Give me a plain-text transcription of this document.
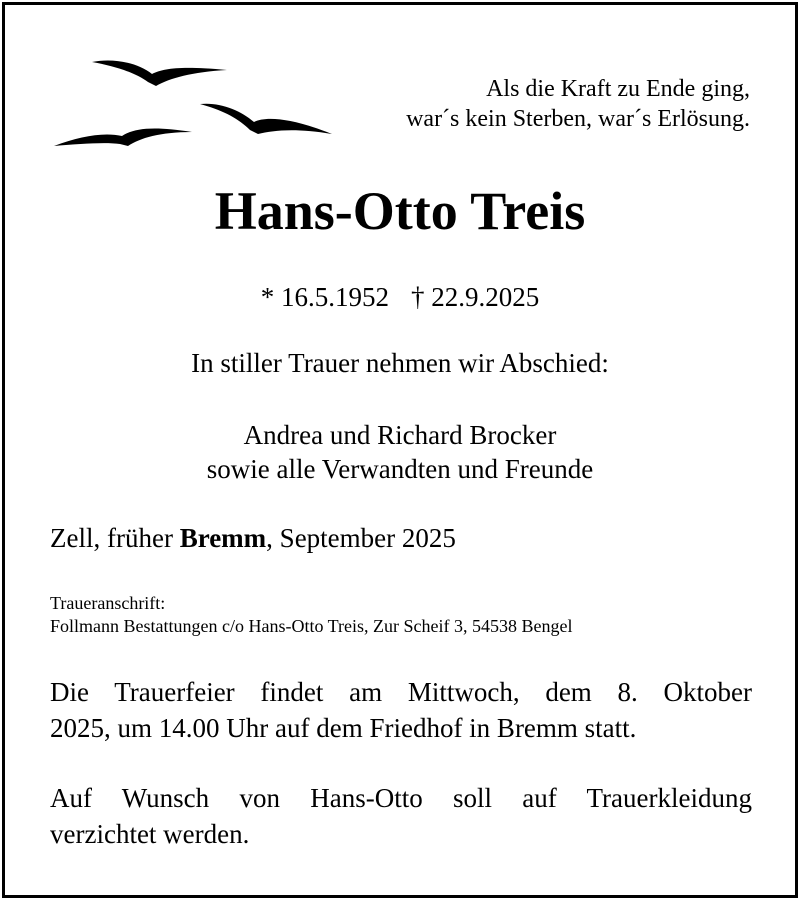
Als die Kraft zu Ende ging,
war´s kein Sterben, war´s Erlösung.
Hans-Otto Treis
* 16.5.1952 † 22.9.2025
In stiller Trauer nehmen wir Abschied:
Andrea und Richard Brocker
sowie alle Verwandten und Freunde
Zell, früher Bremm, September 2025
Traueranschrift:
Follmann Bestattungen c/o Hans-Otto Treis, Zur Scheif 3, 54538 Bengel
Die Trauerfeier findet am Mittwoch, dem 8. Oktober
2025, um 14.00 Uhr auf dem Friedhof in Bremm statt.
Auf Wunsch von Hans-Otto soll auf Trauerkleidung
verzichtet werden.
